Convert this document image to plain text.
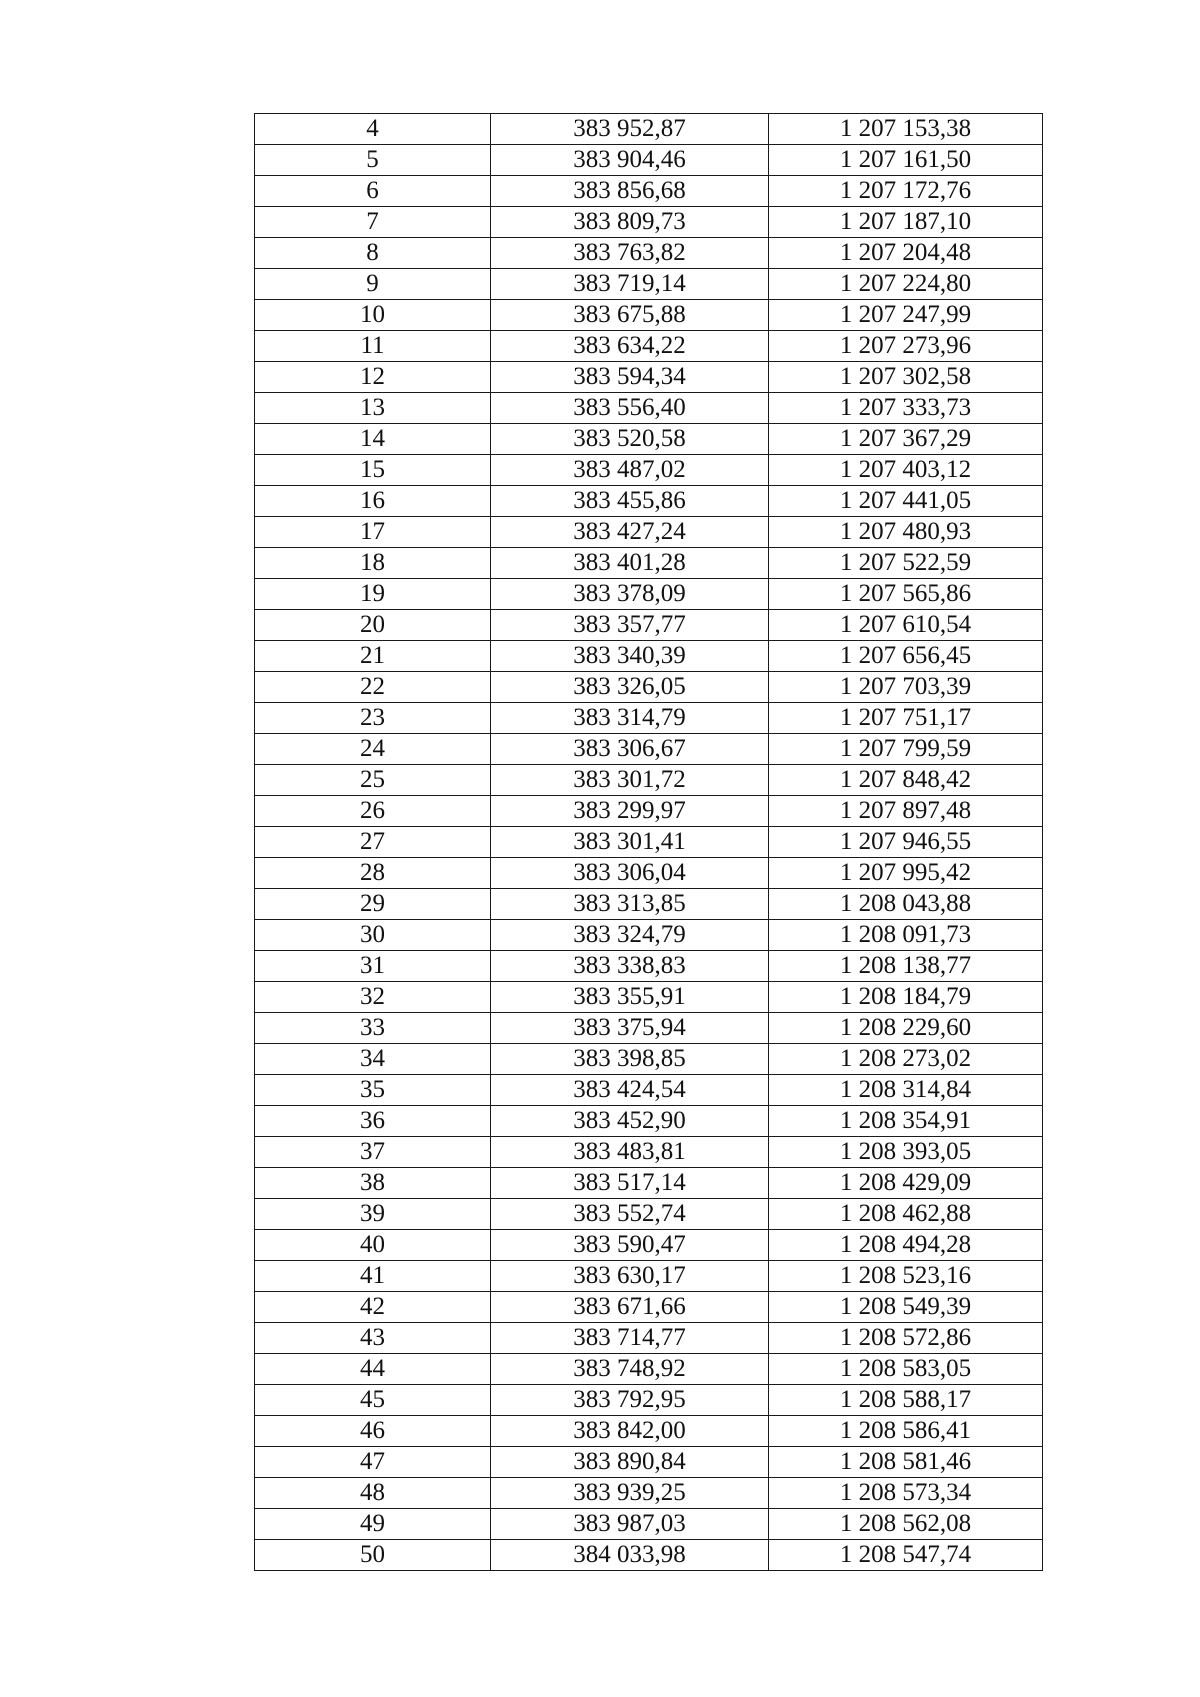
4	383 952,87	1 207 153,38
5	383 904,46	1 207 161,50
6	383 856,68	1 207 172,76
7	383 809,73	1 207 187,10
8	383 763,82	1 207 204,48
9	383 719,14	1 207 224,80
10	383 675,88	1 207 247,99
11	383 634,22	1 207 273,96
12	383 594,34	1 207 302,58
13	383 556,40	1 207 333,73
14	383 520,58	1 207 367,29
15	383 487,02	1 207 403,12
16	383 455,86	1 207 441,05
17	383 427,24	1 207 480,93
18	383 401,28	1 207 522,59
19	383 378,09	1 207 565,86
20	383 357,77	1 207 610,54
21	383 340,39	1 207 656,45
22	383 326,05	1 207 703,39
23	383 314,79	1 207 751,17
24	383 306,67	1 207 799,59
25	383 301,72	1 207 848,42
26	383 299,97	1 207 897,48
27	383 301,41	1 207 946,55
28	383 306,04	1 207 995,42
29	383 313,85	1 208 043,88
30	383 324,79	1 208 091,73
31	383 338,83	1 208 138,77
32	383 355,91	1 208 184,79
33	383 375,94	1 208 229,60
34	383 398,85	1 208 273,02
35	383 424,54	1 208 314,84
36	383 452,90	1 208 354,91
37	383 483,81	1 208 393,05
38	383 517,14	1 208 429,09
39	383 552,74	1 208 462,88
40	383 590,47	1 208 494,28
41	383 630,17	1 208 523,16
42	383 671,66	1 208 549,39
43	383 714,77	1 208 572,86
44	383 748,92	1 208 583,05
45	383 792,95	1 208 588,17
46	383 842,00	1 208 586,41
47	383 890,84	1 208 581,46
48	383 939,25	1 208 573,34
49	383 987,03	1 208 562,08
50	384 033,98	1 208 547,74
